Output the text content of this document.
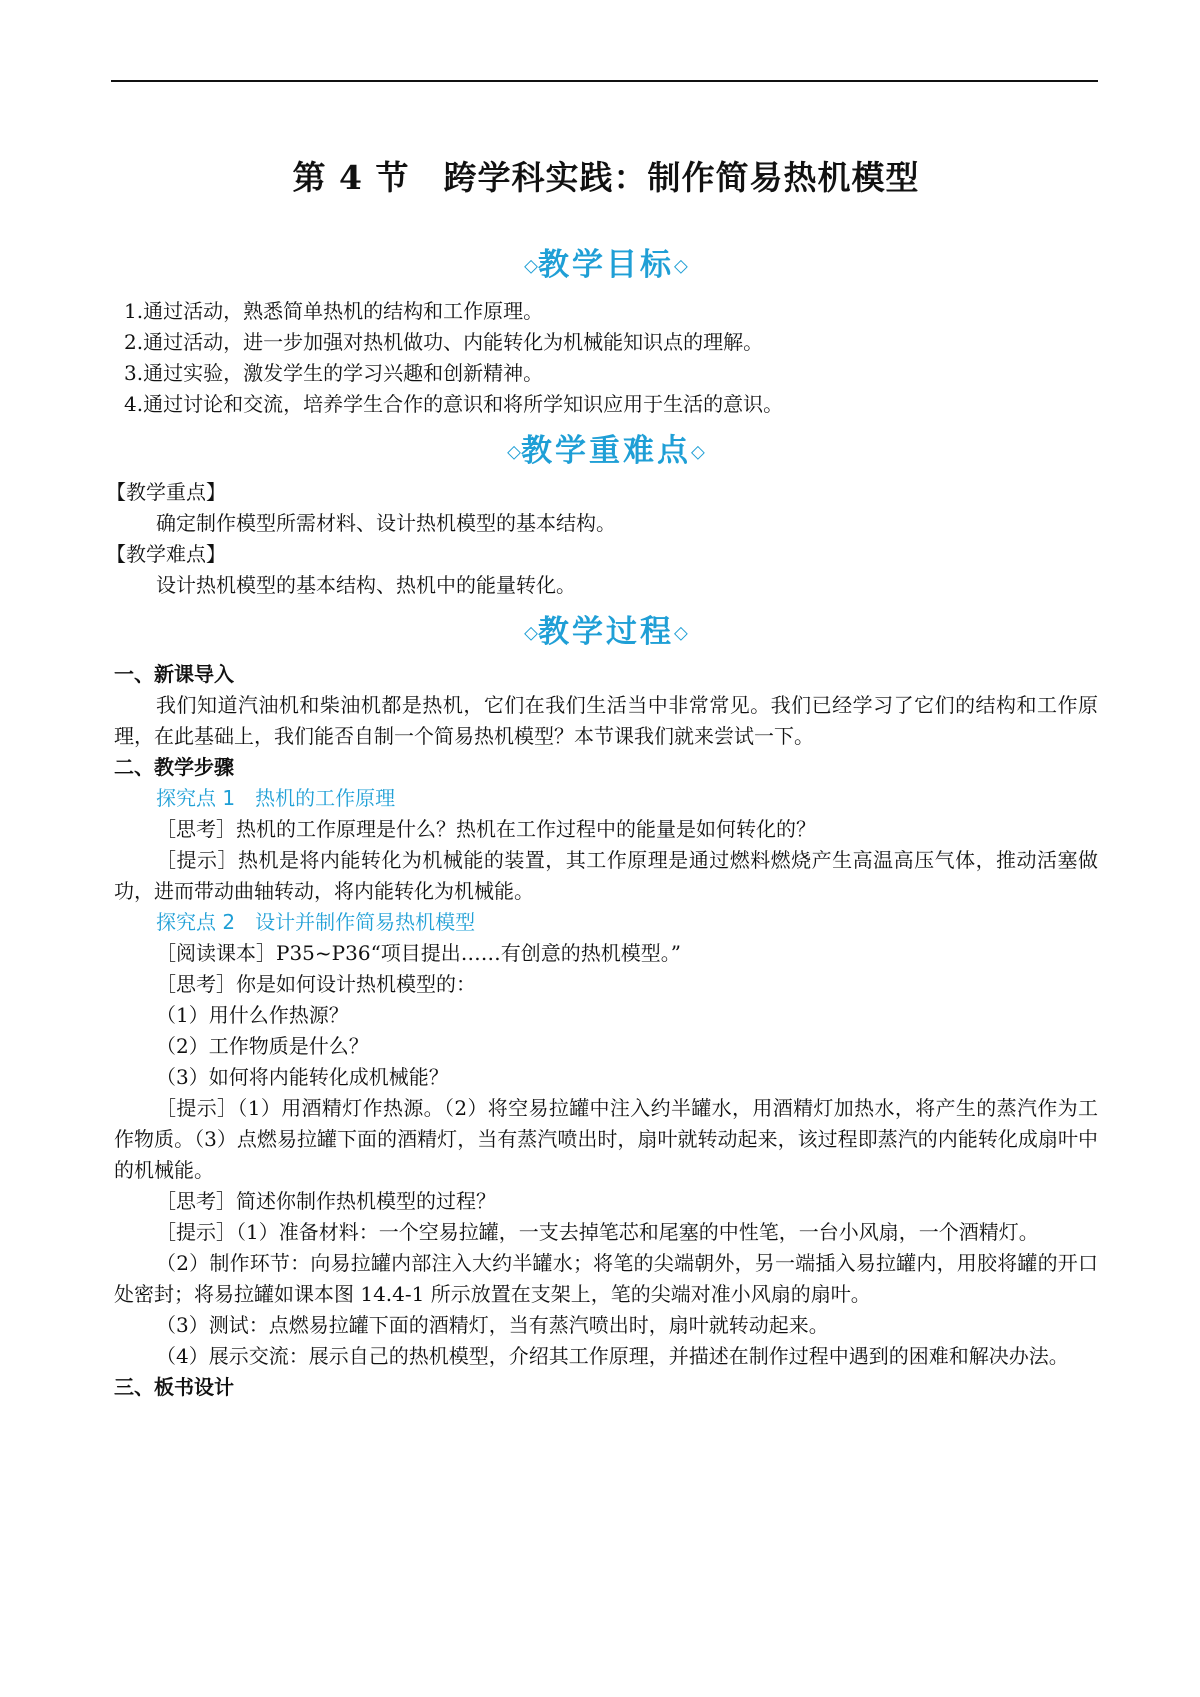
第 4 节　跨学科实践：制作简易热机模型
◇教学目标◇
1.通过活动，熟悉简单热机的结构和工作原理。
2.通过活动，进一步加强对热机做功、内能转化为机械能知识点的理解。
3.通过实验，激发学生的学习兴趣和创新精神。
4.通过讨论和交流，培养学生合作的意识和将所学知识应用于生活的意识。
◇教学重难点◇
【教学重点】
确定制作模型所需材料、设计热机模型的基本结构。
【教学难点】
设计热机模型的基本结构、热机中的能量转化。
◇教学过程◇
一、新课导入
我们知道汽油机和柴油机都是热机，它们在我们生活当中非常常见。我们已经学习了它们的结构和工作原理，在此基础上，我们能否自制一个简易热机模型？本节课我们就来尝试一下。
二、教学步骤
探究点 1　热机的工作原理
［思考］热机的工作原理是什么？热机在工作过程中的能量是如何转化的？
［提示］热机是将内能转化为机械能的装置，其工作原理是通过燃料燃烧产生高温高压气体，推动活塞做功，进而带动曲轴转动，将内能转化为机械能。
探究点 2　设计并制作简易热机模型
［阅读课本］P35~P36“项目提出……有创意的热机模型。”
［思考］你是如何设计热机模型的：
（1）用什么作热源？
（2）工作物质是什么？
（3）如何将内能转化成机械能？
［提示］（1）用酒精灯作热源。（2）将空易拉罐中注入约半罐水，用酒精灯加热水，将产生的蒸汽作为工作物质。（3）点燃易拉罐下面的酒精灯，当有蒸汽喷出时，扇叶就转动起来，该过程即蒸汽的内能转化成扇叶中的机械能。
［思考］简述你制作热机模型的过程？
［提示］（1）准备材料：一个空易拉罐，一支去掉笔芯和尾塞的中性笔，一台小风扇，一个酒精灯。
（2）制作环节：向易拉罐内部注入大约半罐水；将笔的尖端朝外，另一端插入易拉罐内，用胶将罐的开口处密封；将易拉罐如课本图 14.4-1 所示放置在支架上，笔的尖端对准小风扇的扇叶。
（3）测试：点燃易拉罐下面的酒精灯，当有蒸汽喷出时，扇叶就转动起来。
（4）展示交流：展示自己的热机模型，介绍其工作原理，并描述在制作过程中遇到的困难和解决办法。
三、板书设计
